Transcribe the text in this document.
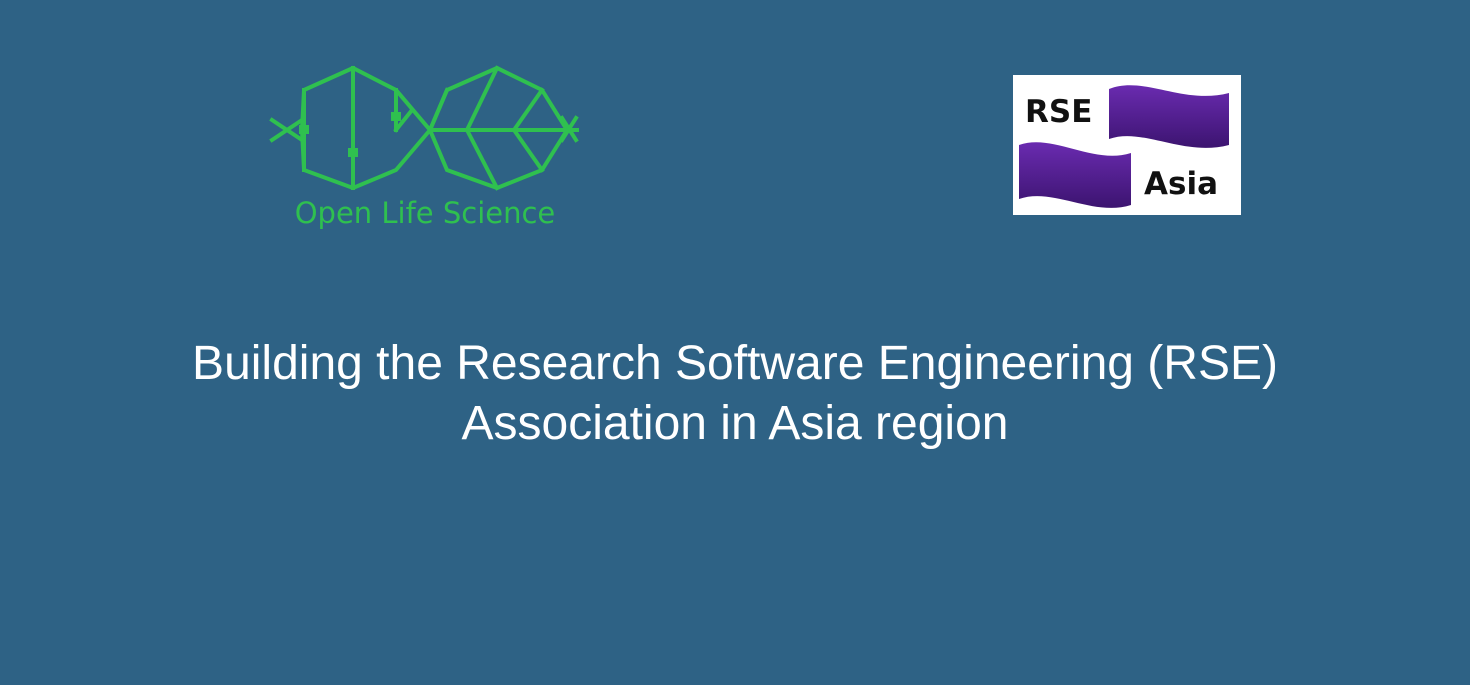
Open Life Science
RSE
Asia
Building the Research Software Engineering (RSE)
Association in Asia region
